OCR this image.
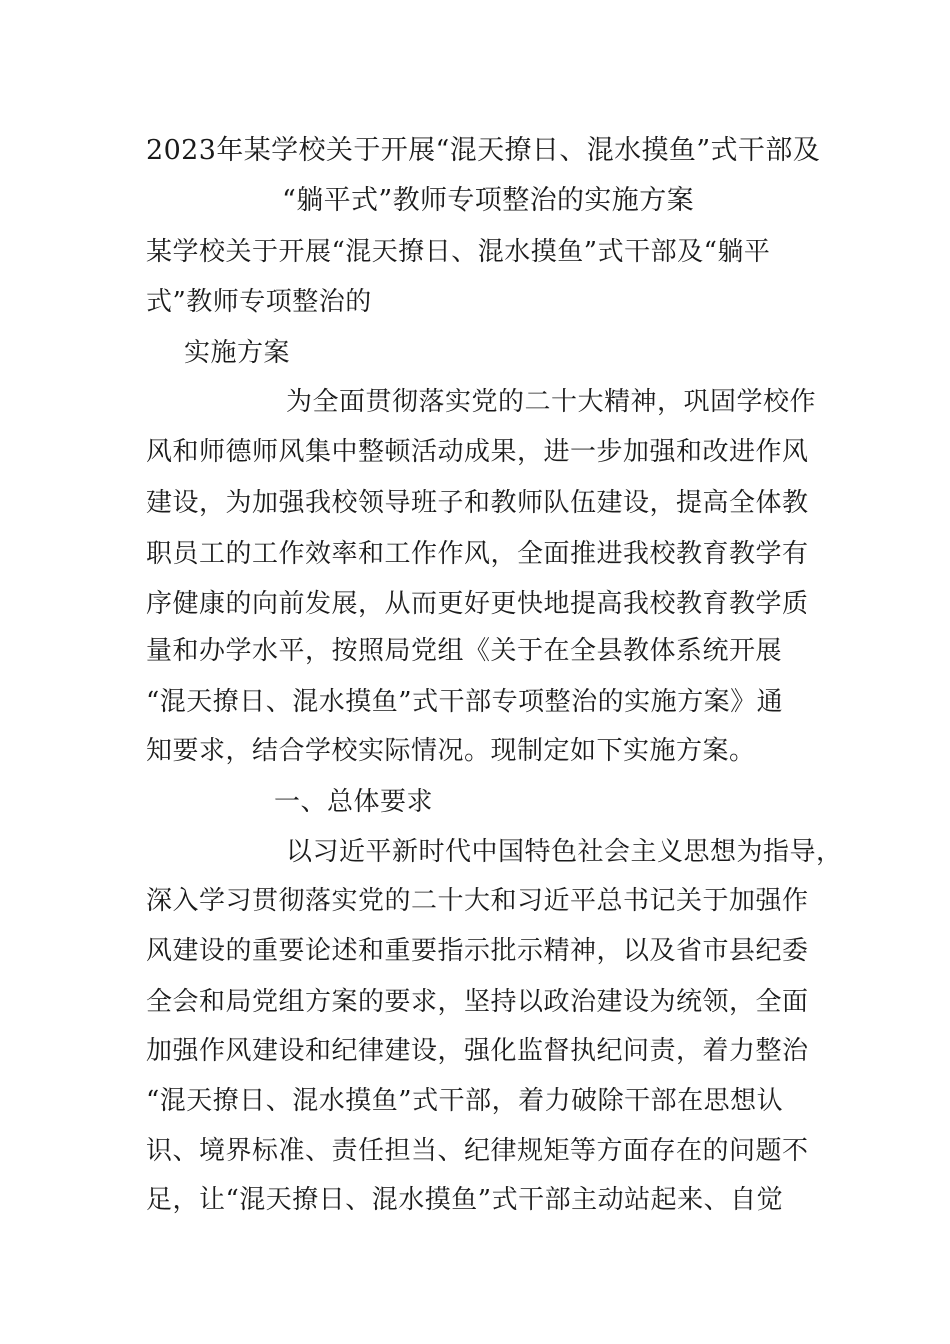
2023年某学校关于开展“混天撩日、混水摸鱼”式干部及
“躺平式”教师专项整治的实施方案
某学校关于开展“混天撩日、混水摸鱼”式干部及“躺平
式”教师专项整治的
实施方案
为全面贯彻落实党的二十大精神，巩固学校作
风和师德师风集中整顿活动成果，进一步加强和改进作风
建设，为加强我校领导班子和教师队伍建设，提高全体教
职员工的工作效率和工作作风，全面推进我校教育教学有
序健康的向前发展，从而更好更快地提高我校教育教学质
量和办学水平，按照局党组《关于在全县教体系统开展
“混天撩日、混水摸鱼”式干部专项整治的实施方案》通
知要求，结合学校实际情况。现制定如下实施方案。
一、总体要求
以习近平新时代中国特色社会主义思想为指导，
深入学习贯彻落实党的二十大和习近平总书记关于加强作
风建设的重要论述和重要指示批示精神，以及省市县纪委
全会和局党组方案的要求，坚持以政治建设为统领，全面
加强作风建设和纪律建设，强化监督执纪问责，着力整治
“混天撩日、混水摸鱼”式干部，着力破除干部在思想认
识、境界标准、责任担当、纪律规矩等方面存在的问题不
足，让“混天撩日、混水摸鱼”式干部主动站起来、自觉
